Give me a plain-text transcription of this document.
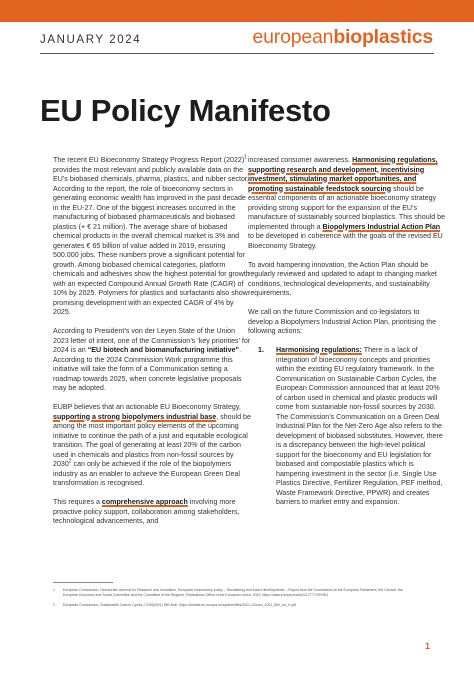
JANUARY 2024	europeanbioplastics
EU Policy Manifesto

The recent EU Bioeconomy Strategy Progress Report $(2022)^1$ provides the most relevant and publicly available data on the EU’s biobased chemicals, pharma, plastics, and rubber sector. According to the report, the role of bioeconomy sectors in generating economic wealth has improved in the past decade in the EU-27. One of the biggest increases occurred in the manufacturing of biobased pharmaceuticals and biobased plastics (+ € 21 million). The average share of biobased chemical products in the overall chemical market is 3% and generates € 65 billion of value added in 2019, ensuring 500.000 jobs. These numbers prove a significant potential for growth. Among biobased chemical categories, platform chemicals and adhesives show the highest potential for growth with an expected Compound Annual Growth Rate (CAGR) of 10% by 2025. Polymers for plastics and surfactants also show promising development with an expected CAGR of 4% by 2025.

According to President’s von der Leyen State of the Union 2023 letter of intent, one of the Commission’s ‘key priorities’ for 2024 is an “EU biotech and biomanufacturing initiative”. According to the 2024 Commission Work programme this initiative will take the form of a Communication setting a roadmap towards 2025, when concrete legislative proposals may be adopted.

EUBP believes that an actionable EU Bioeconomy Strategy, supporting a strong biopolymers industrial base, should be among the most important policy elements of the upcoming initiative to continue the path of a just and equitable ecological transition. The goal of generating at least 20% of the carbon used in chemicals and plastics from non-fossil sources by 2030$^2$ can only be achieved if the role of the biopolymers industry as an enabler to achieve the European Green Deal transformation is recognised.

This requires a comprehensive approach involving more proactive policy support, collaboration among stakeholders, technological advancements, and

increased consumer awareness. Harmonising regulations, supporting research and development, incentivising investment, stimulating market opportunities, and promoting sustainable feedstock sourcing should be essential components of an actionable bioeconomy strategy providing strong support for the expansion of the EU’s manufacture of sustainably sourced bioplastics. This should be implemented through a Biopolymers Industrial Action Plan to be developed in coherence with the goals of the revised EU Bioeconomy Strategy.

To avoid hampering innovation, the Action Plan should be regularly reviewed and updated to adapt to changing market conditions, technological developments, and sustainability requirements.

We call on the future Commission and co-legislators to develop a Biopolymers Industrial Action Plan, prioritising the following actions:

1.	Harmonising regulations: There is a lack of integration of bioeconomy concepts and priorities within the existing EU regulatory framework. In the Communication on Sustainable Carbon Cycles, the European Commission announced that at least 20% of carbon used in chemical and plastic products will come from sustainable non-fossil sources by 2030. The Commission’s Communication on a Green Deal Industrial Plan for the Net-Zero Age also refers to the development of biobased substitutes. However, there is a discrepancy between the high-level political support for the bioeconomy and EU legislation for biobased and compostable plastics which is hampering investment in the sector (i.e. Single Use Plastics Directive, Fertilizer Regulation, PEF method, Waste Framework Directive, PPWR) and creates barriers to market entry and expansion.
1	European Commission, Directorate-General for Research and Innovation, European bioeconomy policy – Stocktaking and future developments – Report from the Commission to the European Parliament, the Council, the European Economic and Social Committee and the Committee of the Regions, Publications Office of the European Union, 2022, https://data.europa.eu/doi/10.2777/997651
2	European Commission, Sustainable Carbon Cycles, COM(2021) 800 final, https://climate.ec.europa.eu/system/files/2021-12/com_2021_800_en_0.pdf
1
